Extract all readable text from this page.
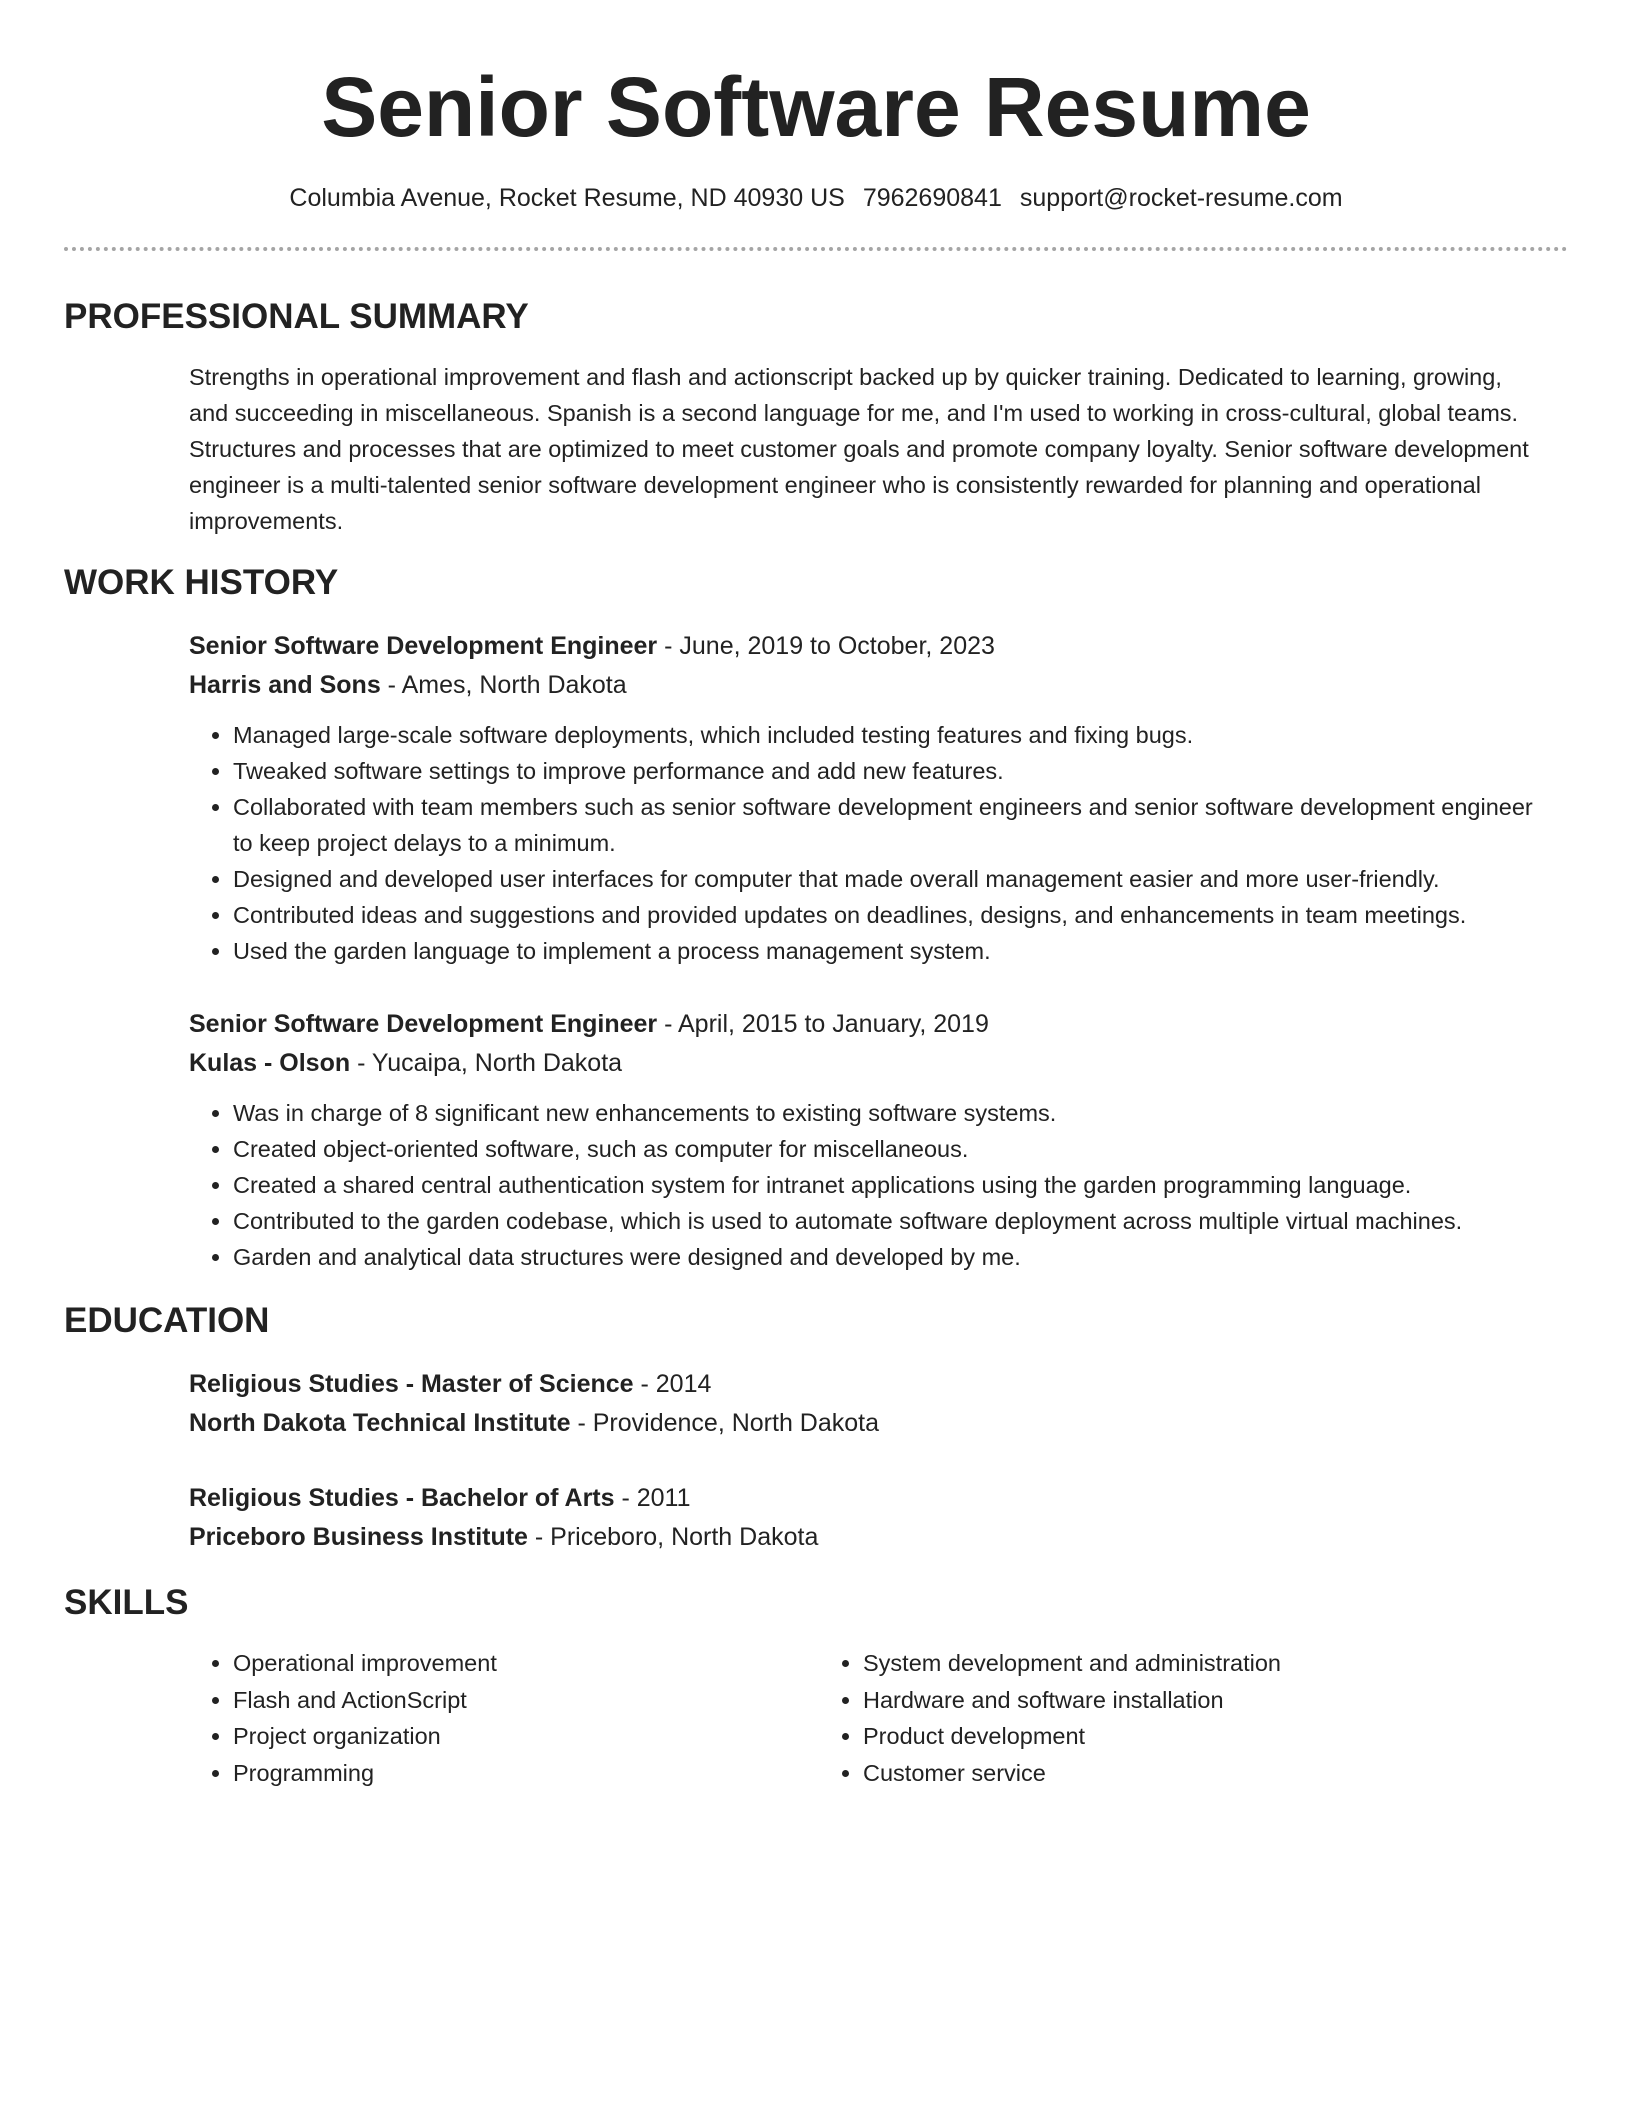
Senior Software Resume
Columbia Avenue, Rocket Resume, ND 40930 US 7962690841 support@rocket-resume.com
PROFESSIONAL SUMMARY
Strengths in operational improvement and flash and actionscript backed up by quicker training. Dedicated to learning, growing, and succeeding in miscellaneous. Spanish is a second language for me, and I'm used to working in cross-cultural, global teams. Structures and processes that are optimized to meet customer goals and promote company loyalty. Senior software development engineer is a multi-talented senior software development engineer who is consistently rewarded for planning and operational improvements.
WORK HISTORY
Senior Software Development Engineer - June, 2019 to October, 2023
Harris and Sons - Ames, North Dakota
• Managed large-scale software deployments, which included testing features and fixing bugs.
• Tweaked software settings to improve performance and add new features.
• Collaborated with team members such as senior software development engineers and senior software development engineer to keep project delays to a minimum.
• Designed and developed user interfaces for computer that made overall management easier and more user-friendly.
• Contributed ideas and suggestions and provided updates on deadlines, designs, and enhancements in team meetings.
• Used the garden language to implement a process management system.
Senior Software Development Engineer - April, 2015 to January, 2019
Kulas - Olson - Yucaipa, North Dakota
• Was in charge of 8 significant new enhancements to existing software systems.
• Created object-oriented software, such as computer for miscellaneous.
• Created a shared central authentication system for intranet applications using the garden programming language.
• Contributed to the garden codebase, which is used to automate software deployment across multiple virtual machines.
• Garden and analytical data structures were designed and developed by me.
EDUCATION
Religious Studies - Master of Science - 2014
North Dakota Technical Institute - Providence, North Dakota
Religious Studies - Bachelor of Arts - 2011
Priceboro Business Institute - Priceboro, North Dakota
SKILLS
• Operational improvement
• Flash and ActionScript
• Project organization
• Programming
• System development and administration
• Hardware and software installation
• Product development
• Customer service
